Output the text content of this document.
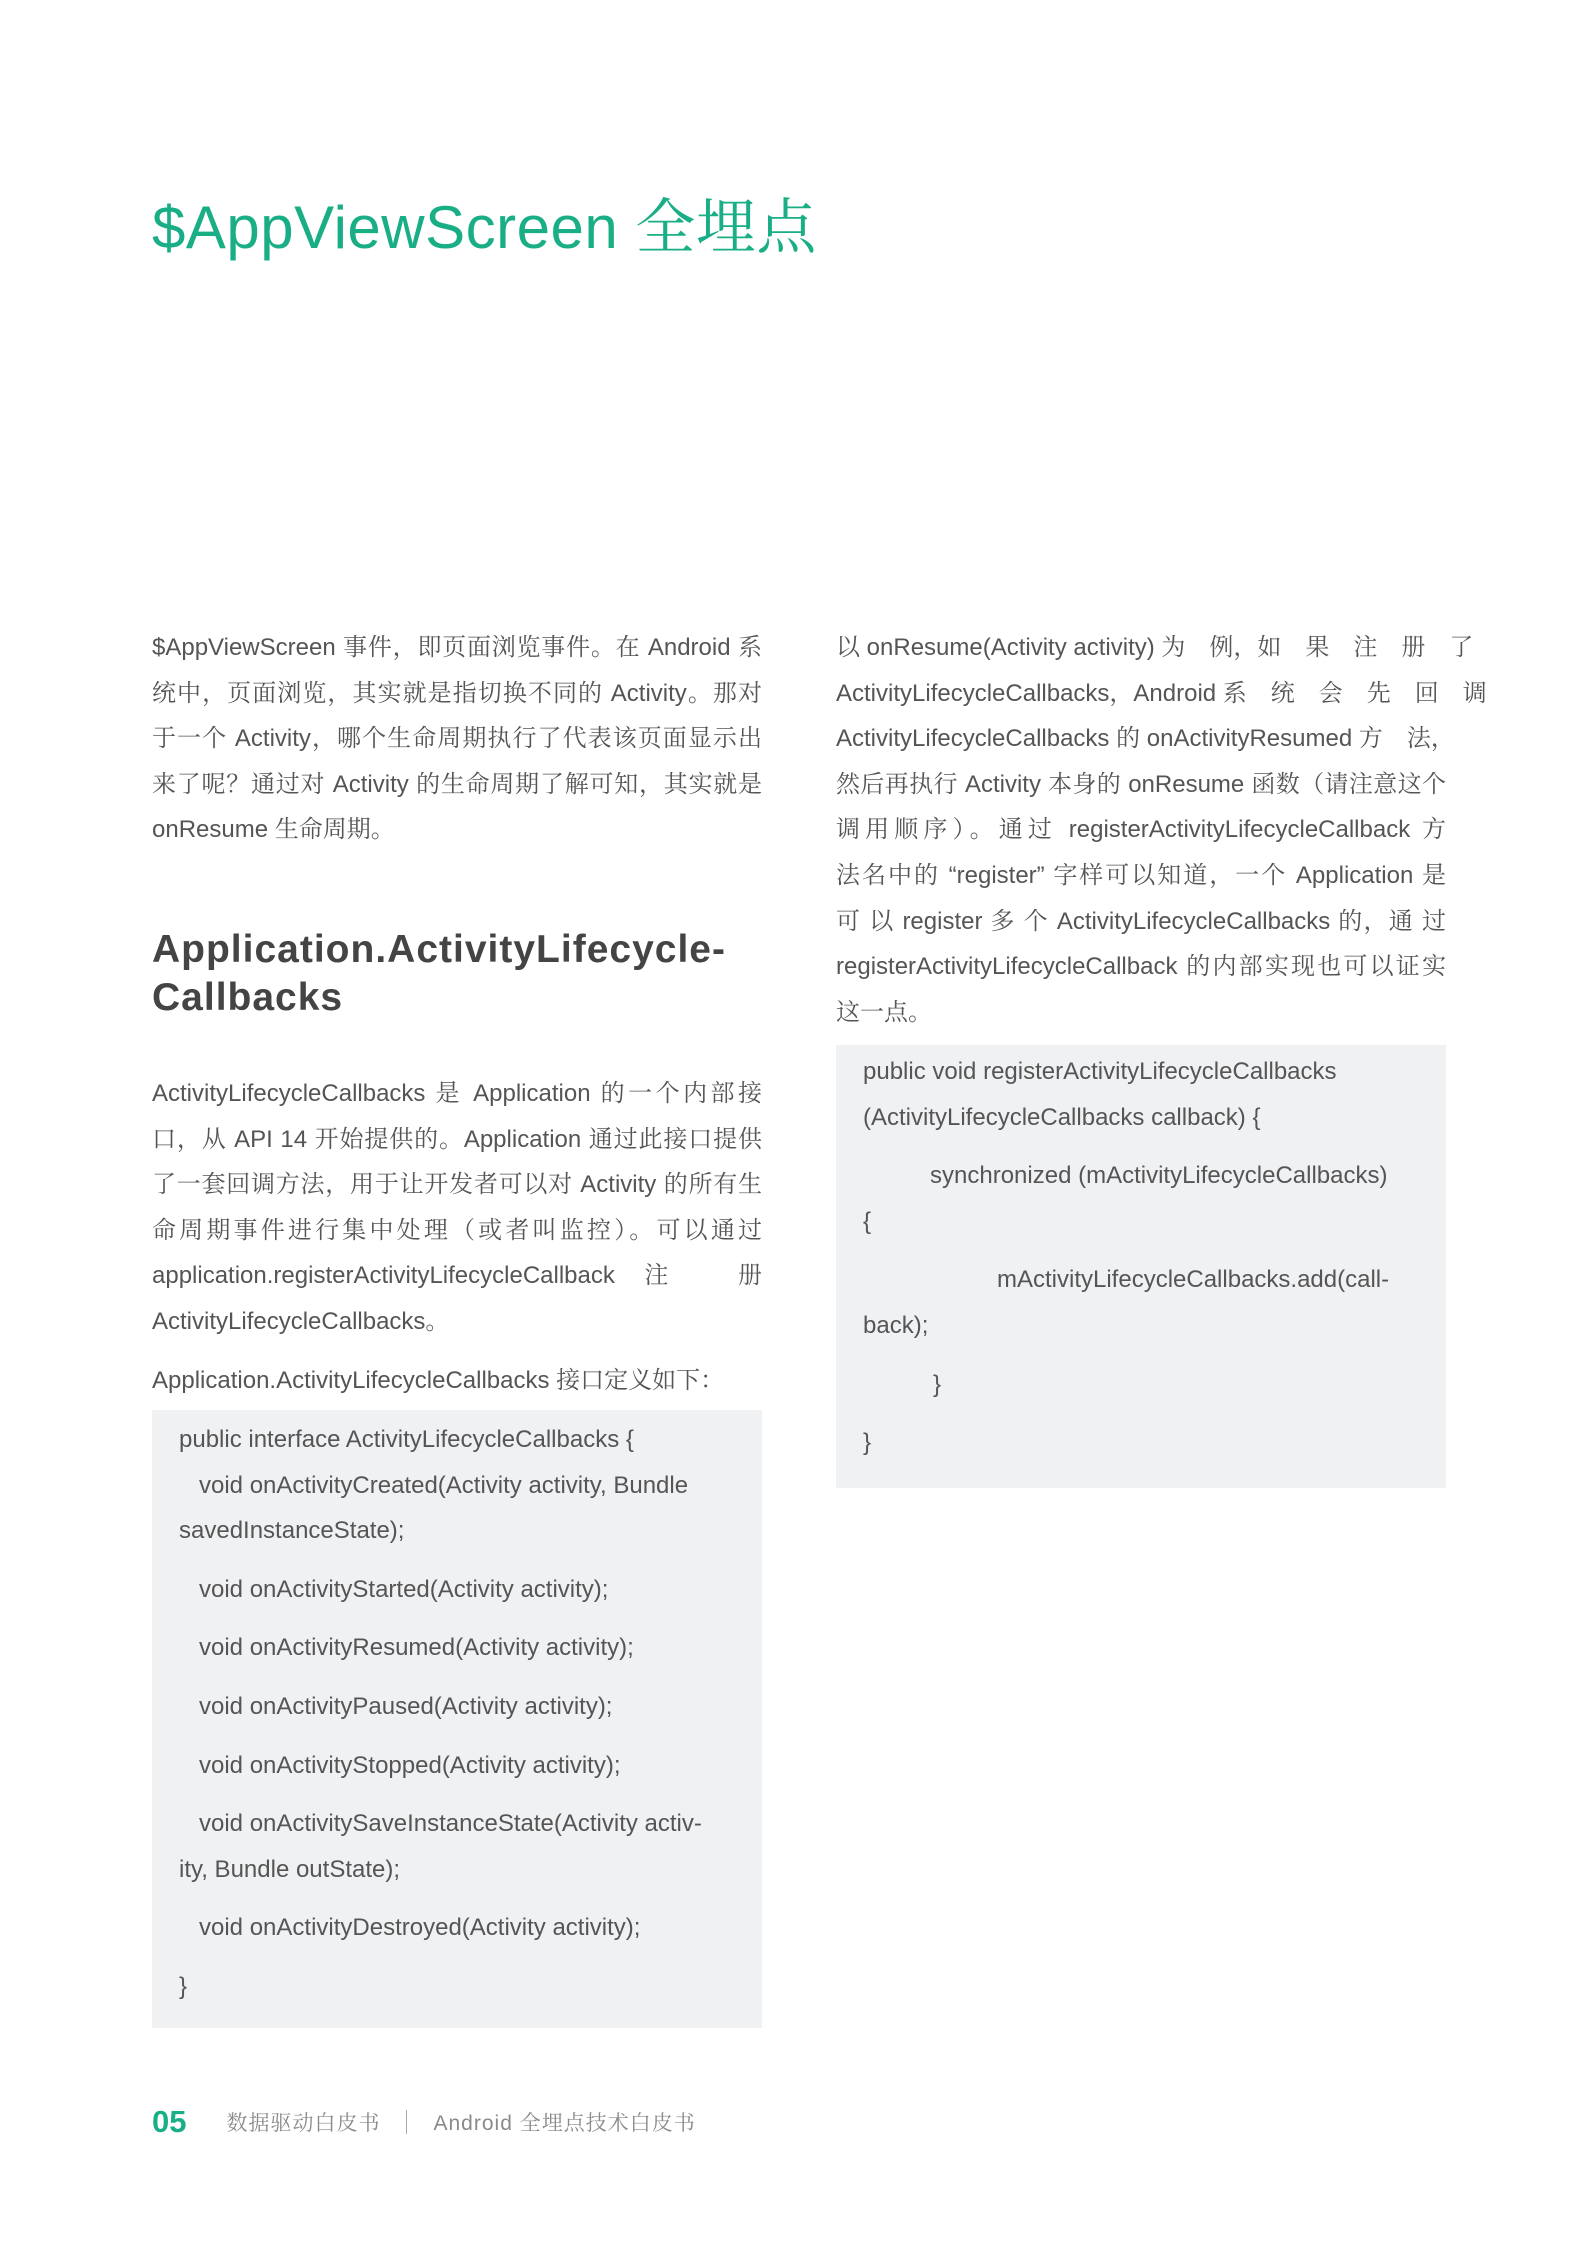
$AppViewScreen 全埋点
$AppViewScreen 事件，即页面浏览事件。在 Android 系
统中，页面浏览，其实就是指切换不同的 Activity。那对
于一个 Activity，哪个生命周期执行了代表该页面显示出
来了呢？通过对 Activity 的生命周期了解可知，其实就是
onResume 生命周期。
Application.ActivityLifecycle-
Callbacks
ActivityLifecycleCallbacks 是 Application 的一个内部接
口，从 API 14 开始提供的。Application 通过此接口提供
了一套回调方法，用于让开发者可以对 Activity 的所有生
命周期事件进行集中处理（或者叫监控）。可以通过
application.registerActivityLifecycleCallback 注　册
ActivityLifecycleCallbacks。
Application.ActivityLifecycleCallbacks 接口定义如下：
public interface ActivityLifecycleCallbacks {
void onActivityCreated(Activity activity, Bundle
savedInstanceState);
void onActivityStarted(Activity activity);
void onActivityResumed(Activity activity);
void onActivityPaused(Activity activity);
void onActivityStopped(Activity activity);
void onActivitySaveInstanceState(Activity activ-
ity, Bundle outState);
void onActivityDestroyed(Activity activity);
}
以 onResume(Activity activity) 为　例，如　果　注　册　了
ActivityLifecycleCallbacks，Android 系　统　会　先　回　调
ActivityLifecycleCallbacks 的 onActivityResumed 方　法，
然后再执行 Activity 本身的 onResume 函数（请注意这个
调用顺序）。通过 registerActivityLifecycleCallback 方
法名中的 “register” 字样可以知道，一个 Application 是
可 以 register 多 个 ActivityLifecycleCallbacks 的，通 过
registerActivityLifecycleCallback 的内部实现也可以证实
这一点。
public void registerActivityLifecycleCallbacks
(ActivityLifecycleCallbacks callback) {
synchronized (mActivityLifecycleCallbacks)
{
mActivityLifecycleCallbacks.add(call-
back);
}
}
05 数据驱动白皮书	Android 全埋点技术白皮书
